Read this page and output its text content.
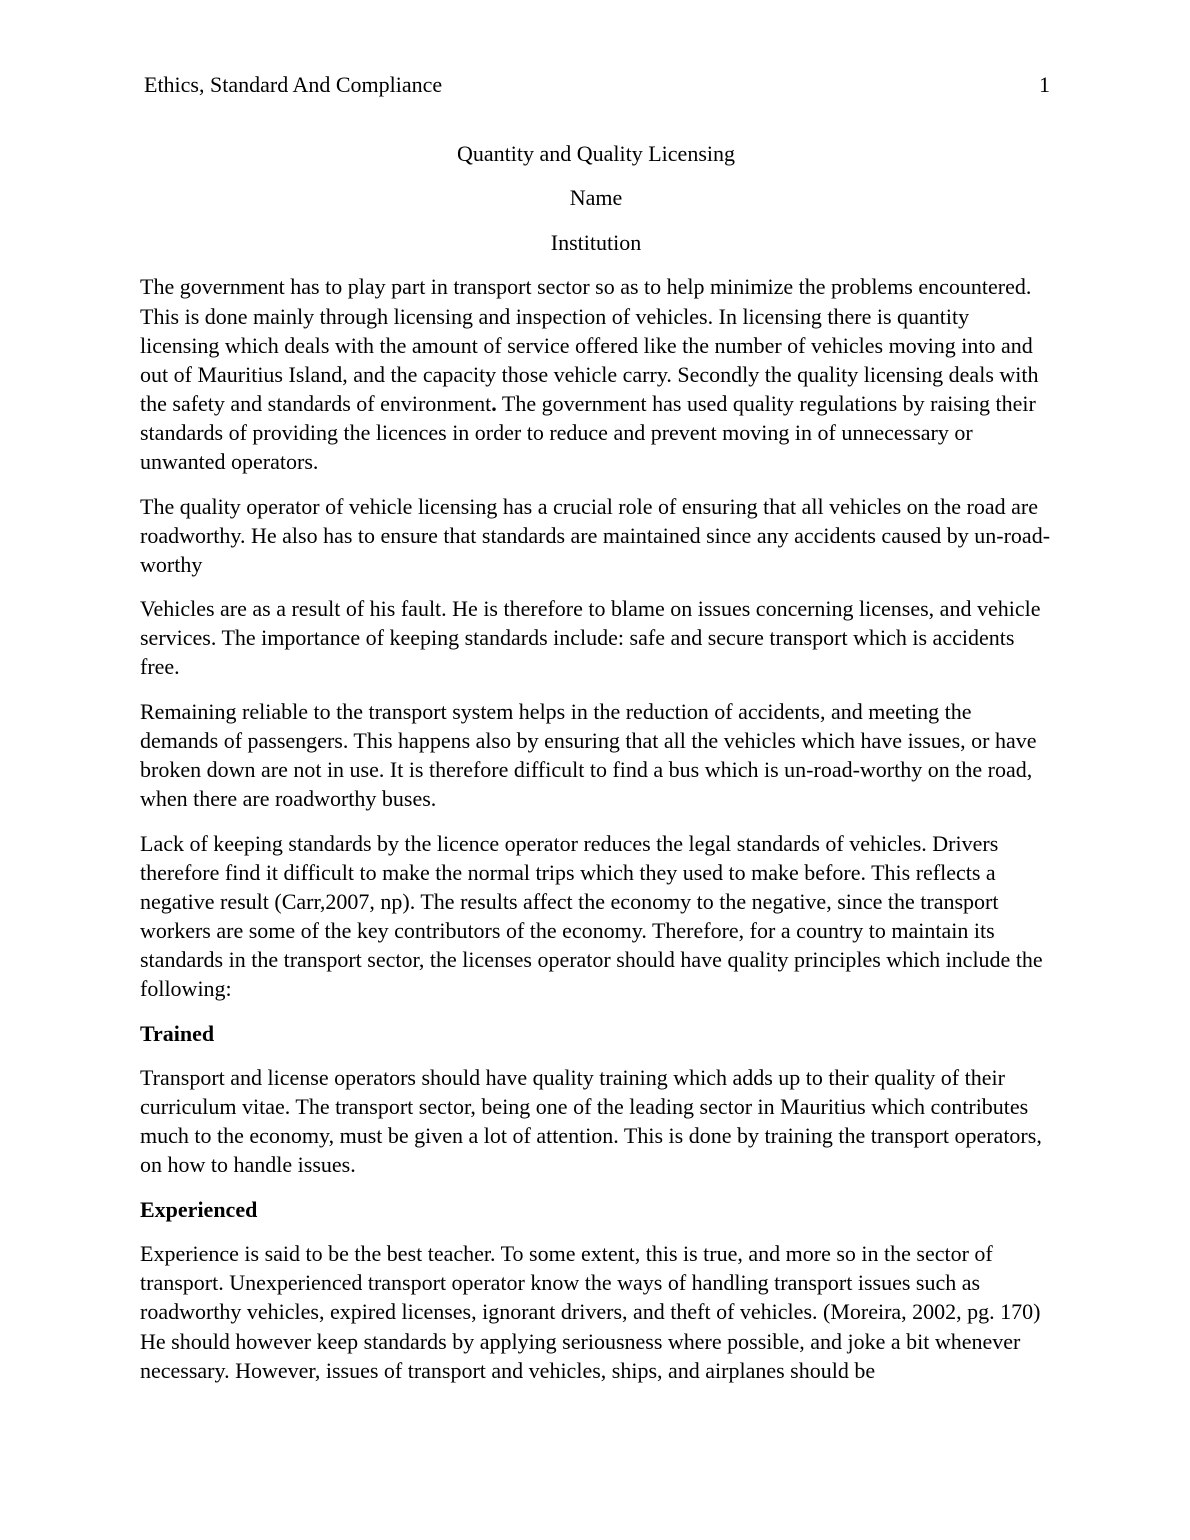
Ethics, Standard And Compliance	1
Quantity and Quality Licensing
Name
Institution

The government has to play part in transport sector so as to help minimize the problems encountered. This is done mainly through licensing and inspection of vehicles. In licensing there is quantity licensing which deals with the amount of service offered like the number of vehicles moving into and out of Mauritius Island, and the capacity those vehicle carry. Secondly the quality licensing deals with the safety and standards of environment. The government has used quality regulations by raising their standards of providing the licences in order to reduce and prevent moving in of unnecessary or unwanted operators.

The quality operator of vehicle licensing has a crucial role of ensuring that all vehicles on the road are roadworthy. He also has to ensure that standards are maintained since any accidents caused by un-road-worthy

Vehicles are as a result of his fault. He is therefore to blame on issues concerning licenses, and vehicle services. The importance of keeping standards include: safe and secure transport which is accidents free.

Remaining reliable to the transport system helps in the reduction of accidents, and meeting the demands of passengers. This happens also by ensuring that all the vehicles which have issues, or have broken down are not in use. It is therefore difficult to find a bus which is un-road-worthy on the road, when there are roadworthy buses.

Lack of keeping standards by the licence operator reduces the legal standards of vehicles. Drivers therefore find it difficult to make the normal trips which they used to make before. This reflects a negative result (Carr,2007, np). The results affect the economy to the negative, since the transport workers are some of the key contributors of the economy. Therefore, for a country to maintain its standards in the transport sector, the licenses operator should have quality principles which include the following:

Trained

Transport and license operators should have quality training which adds up to their quality of their curriculum vitae. The transport sector, being one of the leading sector in Mauritius which contributes much to the economy, must be given a lot of attention. This is done by training the transport operators, on how to handle issues.

Experienced

Experience is said to be the best teacher. To some extent, this is true, and more so in the sector of transport. Unexperienced transport operator know the ways of handling transport issues such as roadworthy vehicles, expired licenses, ignorant drivers, and theft of vehicles. (Moreira, 2002, pg. 170) He should however keep standards by applying seriousness where possible, and joke a bit whenever necessary. However, issues of transport and vehicles, ships, and airplanes should be
